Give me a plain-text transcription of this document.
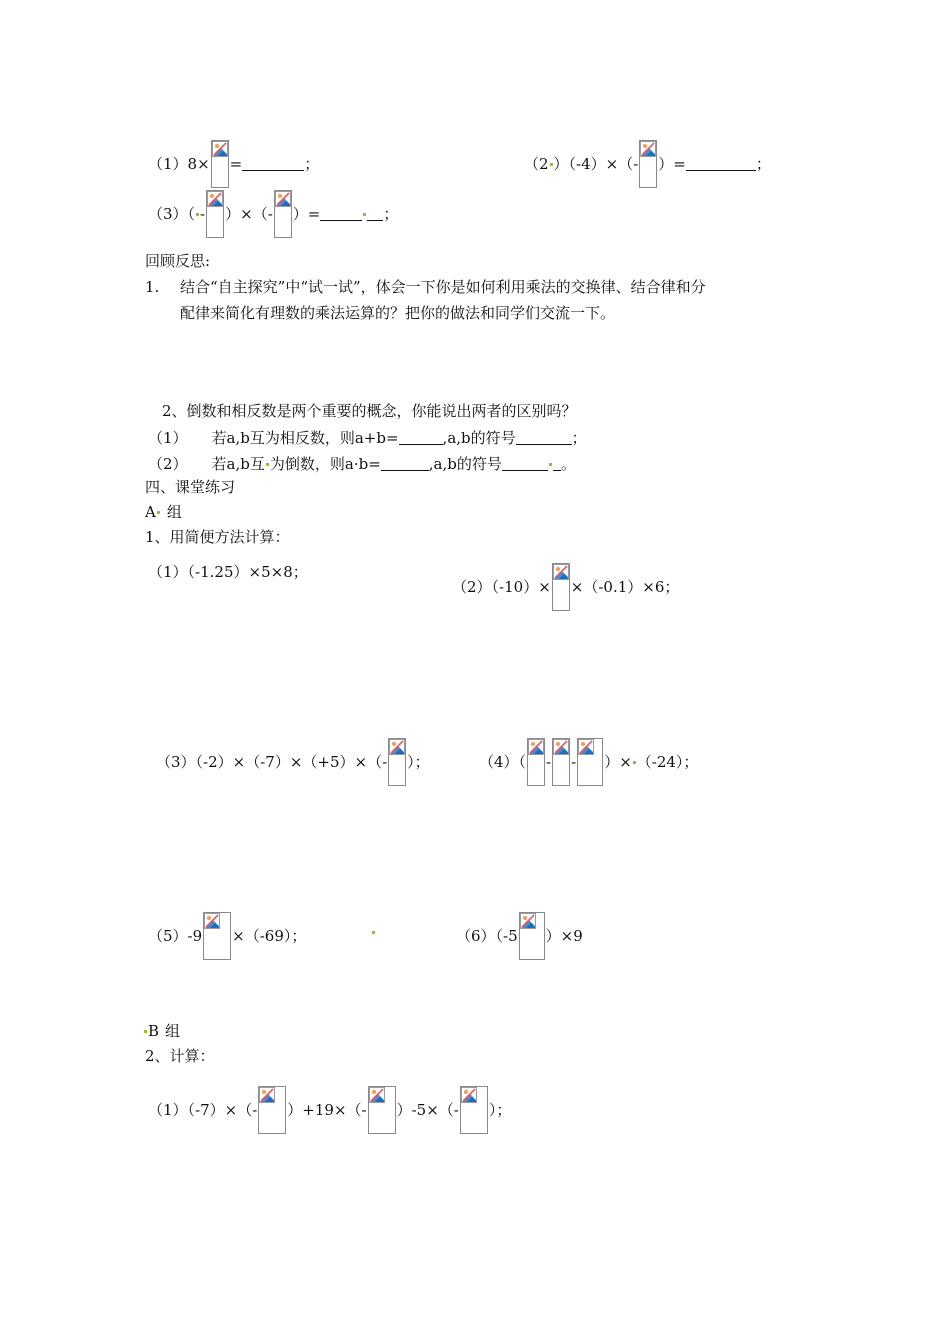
（1）8× =	；	（2 ）（-4）×（- ）=	；
（3）（ - ）×（- ）=	；
回顾反思:
1. 结合“自主探究”中“试一试”，体会一下你是如何利用乘法的交换律、结合律和分
配律来简化有理数的乘法运算的？把你的做法和同学们交流一下。
2、倒数和相反数是两个重要的概念，你能说出两者的区别吗？
（1） 若a,b互为相反数，则a+b=	,a,b的符号	；
（2） 若a,b互 为倒数，则a·b=	,a,b的符号	。
四、课堂练习
A 组
1、用简便方法计算：
（1）（-1.25）×5×8；
（2）（-10）× ×（-0.1）×6；
（3）（-2）×（-7）×（+5）×（- ）；	（4）（ - - ）× （-24）；
（5）-9 ×（-69）；	（6）（-5 ）×9
B 组
2、计算：
（1）（-7）×（- ）+19×（- ）-5×（- ）；
